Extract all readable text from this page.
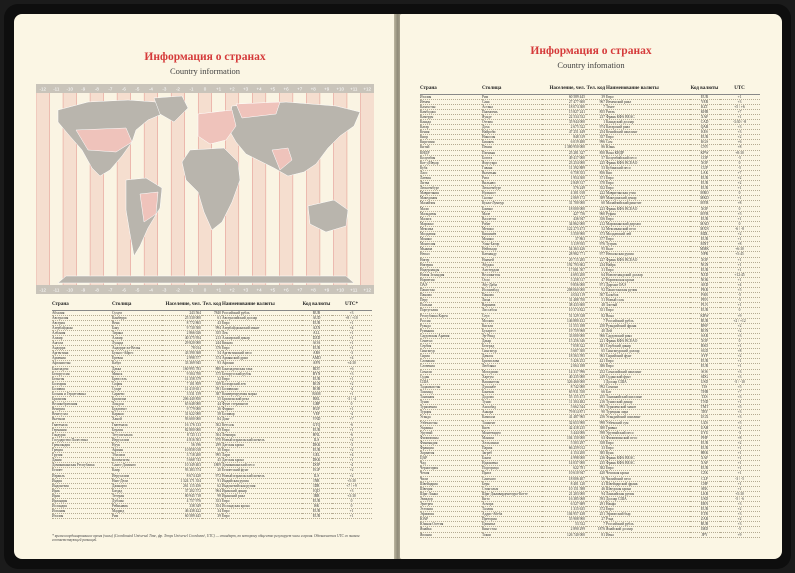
Информация о странах
Country information
-12 -11 -10 -9 -8 -7 -6 -5 -4 -3 -2 -1 0 +1 +2 +3 +4 +5 +6 +7 +8 +9 +10 +11 +12
-12 -11 -10 -9 -8 -7 -6 -5 -4 -3 -2 -1 0 +1 +2 +3 +4 +5 +6 +7 +8 +9 +10 +11 +12
Страна	Столица	Население, чел.	Тел. код	Наименование валюты	Код валюты	UTC*
Абхазия	Сухум	243 564	7840	Российский рубль	RUB	+3
Австралия	Канберра	25 530 000	61	Австралийский доллар	AUD	+8 / +10
Австрия	Вена	8 772 865	43	Евро	EUR	+1
Азербайджан	Баку	9 730 500	994	Азербайджанский манат	AZN	+4
Албания	Тирана	2 866 026	355	Лек	ALL	+1
Алжир	Алжир	40 375 954	213	Алжирский динар	DZD	+1
Ангола	Луанда	29 820 000	244	Кванза	AOA	+1
Андорра	Андорра-ла-Велья	78 014	376	Евро	EUR	+1
Аргентина	Буэнос-Айрес	43 590 368	54	Аргентинский песо	ARS	-3
Армения	Ереван	2 998 577	374	Армянский драм	AMD	+4
Афганистан	Кабул	33 369 945	93	Афгани	AFN	+4:30
Бангладеш	Дакка	160 995 783	880	Бангладешская така	BDT	+6
Белоруссия	Минск	9 504 700	375	Белорусский рубль	BYN	+3
Бельгия	Брюссель	11 358 379	32	Евро	EUR	+1
Болгария	София	7 101 859	359	Болгарский лев	BGN	+2
Боливия	Сукре	11 410 651	591	Боливиано	BOB	-4
Босния и Герцеговина	Сараево	3 531 159	387	Конвертируемая марка	BAM	+1
Бразилия	Бразилиа	206 440 850	55	Бразильский реал	BRL	-3 / -4
Великобритания	Лондон	65 648 000	44	Фунт стерлингов	GBP	0
Венгрия	Будапешт	9 779 000	36	Форинт	HUF	+1
Венесуэла	Каракас	31 622 000	58	Боливар	VEF	-4
Вьетнам	Ханой	93 600 000	84	Донг	VND	+7
Гватемала	Гватемала	16 176 133	502	Кетсаль	GTQ	-6
Германия	Берлин	82 800 000	49	Евро	EUR	+1
Гондурас	Тегусигальпа	8 725 111	504	Лемпира	HNL	-6
Государство Палестина	Иерусалим	4 816 503	970	Новый израильский шекель	ILS	+2
Гренландия	Нуук	56 196	299	Датская крона	DKK	-3
Греция	Афины	10 858 018	30	Евро	EUR	+2
Грузия	Тбилиси	3 718 200	995	Лари	GEL	+4
Дания	Копенгаген	5 668 743	45	Датская крона	DKK	+1
Доминиканская Республика	Санто-Доминго	10 349 403	1809	Доминиканский песо	DOP	-4
Египет	Каир	93 383 574	20	Египетский фунт	EGP	+2
Израиль	Иерусалим	8 674 420	972	Новый израильский шекель	ILS	+2
Индия	Нью-Дели	1 324 171 354	91	Индийская рупия	INR	+5:30
Индонезия	Джакарта	261 115 456	62	Индонезийская рупия	IDR	+7 / +9
Ирак	Багдад	37 202 572	964	Иракский динар	IQD	+3
Иран	Тегеран	80 945 718	98	Иранский риал	IRR	+3:30
Ирландия	Дублин	4 757 976	353	Евро	EUR	0
Исландия	Рейкьявик	338 349	354	Исландская крона	ISK	0
Испания	Мадрид	46 438 422	34	Евро	EUR	+1
Италия	Рим	60 589 445	39	Евро	EUR	+1
* время координированное время (часы) (Coordinated Universal Time, фр. Temps Universel Coordonné, UTC) — стандарт, по которому общество регулирует часы и время. Обозначается UTC со знаком соответствующей разницей.
Информация о странах
Country infomation
Страна	Столица	Население, чел.	Тел. код	Наименование валюты	Код валюты	UTC
Италия	Рим	60 589 445	39	Евро	EUR	+1
Йемен	Сана	27 477 600	967	Йеменский риал	YER	+3
Казахстан	Астана	18 074 300	7	Тенге	KZT	+5 / +6
Камбоджа	Пномпень	15 827 241	855	Риель	KHR	+7
Камерун	Яунде	22 534 532	237	Франк КФА BEAC	XAF	+1
Канада	Оттава	35 944 000	1	Канадский доллар	CAD	-3:30 / -8
Катар	Доха	2 675 522	974	Катарский риал	QAR	+3
Кения	Найроби	47 251 449	254	Кенийский шиллинг	KES	+3
Кипр	Никосия	848 319	357	Евро	EUR	+2
Киргизия	Бишкек	6 019 480	996	Сом	KGS	+6
Китай	Пекин	1 380 950 000	86	Юань	CNY	+8
КНДР	Пхеньян	25 281 327	850	Вона КНДР	KPW	+8:30
Колумбия	Богота	49 417 000	57	Колумбийский песо	COP	-5
Кот-д'Ивуар	Ямусукро	23 254 000	225	Франк КФА BCEAO	XOF	0
Куба	Гавана	11 392 889	53	Кубинский песо	CUP	-5
Лаос	Вьентьян	6 758 353	856	Кип	LAK	+7
Латвия	Рига	1 954 300	371	Евро	EUR	+2
Литва	Вильнюс	2 849 317	370	Евро	EUR	+2
Люксембург	Люксембург	576 249	352	Евро	EUR	+1
Мавритания	Нуакшот	4 301 018	222	Мавританская угия	MRO	0
Македония	Скопье	2 069 172	389	Македонский денар	MKD	+1
Малайзия	Куала-Лумпур	31 700 000	60	Малайзийский ринггит	MYR	+8
Мали	Бамако	18 000 000	223	Франк КФА BCEAO	XOF	0
Мальдивы	Мале	427 756	960	Руфия	MVR	+5
Мальта	Валлетта	436 947	356	Евро	EUR	+1
Марокко	Рабат	34 862 000	212	Марокканский дирхам	MAD	0
Мексика	Мехико	122 273 473	52	Мексиканский песо	MXN	-6 / -8
Молдавия	Кишинёв	3 550 900	373	Молдавский лей	MDL	+2
Монако	Монако	37 863	377	Евро	EUR	+1
Монголия	Улан-Батор	3 119 935	976	Тугрик	MNT	+8
Мьянма	Нейпьидо	54 363 426	95	Кьят	MMK	+6:30
Непал	Катманду	28 982 771	977	Непальская рупия	NPR	+5:45
Нигер	Ниамей	20 715 285	227	Франк КФА BCEAO	XOF	+1
Нигерия	Абуджа	192 793 602	234	Найра	NGN	+1
Нидерланды	Амстердам	17 081 507	31	Евро	EUR	+1
Новая Зеландия	Веллингтон	4 693 200	64	Новозеландский доллар	NZD	+12:45
Норвегия	Осло	5 258 317	47	Норвежская крона	NOK	+1
ОАЭ	Абу-Даби	9 856 000	971	Дирхам ОАЭ	AED	+4
Пакистан	Исламабад	208 060 000	92	Пакистанская рупия	PKR	+5
Панама	Панама	4 034 119	507	Бальбоа	PAB	-5
Перу	Лима	31 488 700	51	Новый соль	PEN	-5
Польша	Варшава	38 433 600	48	Злотый	PLN	+1
Португалия	Лиссабон	10 374 822	351	Евро	EUR	0
Республика Корея	Сеул	51 529 338	82	Вона	KRW	+9
Россия	Москва	146 880 432	7	Российский рубль	RUB	+2 / +12
Руанда	Кигали	11 553 188	250	Руандийский франк	RWF	+2
Румыния	Бухарест	19 759 968	40	Лей	RON	+2
Саудовская Аравия	Эр-Рияд	33 000 000	966	Саудовский риял	SAR	+3
Сенегал	Дакар	15 256 346	221	Франк КФА BCEAO	XOF	0
Сербия	Белград	7 058 322	381	Сербский динар	RSD	+1
Сингапур	Сингапур	5 607 300	65	Сингапурский доллар	SGD	+8
Сирия	Дамаск	18 563 595	963	Сирийский фунт	SYP	+2
Словакия	Братислава	5 426 252	421	Евро	EUR	+1
Словения	Любляна	2 064 188	386	Евро	EUR	+1
Сомали	Могадишо	14 317 996	252	Сомалийский шиллинг	SOS	+3
Судан	Хартум	40 235 000	249	Суданский фунт	SDG	+3
США	Вашингтон	326 460 000	1	Доллар США	USD	-5 / -10
Таджикистан	Душанбе	8 742 000	992	Сомони	TJS	+5
Таиланд	Бангкок	65 931 550	66	Бат	THB	+7
Танзания	Додома	55 155 473	255	Танзанийский шиллинг	TZS	+3
Тунис	Тунис	11 304 482	216	Тунисский динар	TND	+1
Туркмения	Ашхабад	5 662 544	993	Туркменский манат	TMT	+5
Турция	Анкара	79 814 871	90	Турецкая лира	TRY	+3
Уганда	Кампала	41 487 965	256	Угандийский шиллинг	UGX	+3
Узбекистан	Ташкент	32 653 900	998	Узбекский сум	UZS	+5
Украина	Киев	42 418 235	380	Гривна	UAH	+2
Уругвай	Монтевидео	3 444 006	598	Уругвайский песо	UYU	-3
Филиппины	Манила	104 150 000	63	Филиппинский песо	PHP	+8
Финляндия	Хельсинки	5 503 297	358	Евро	EUR	+2
Франция	Париж	66 259 012	33	Евро	EUR	+1
Хорватия	Загреб	4 154 200	385	Куна	HRK	+1
ЦАР	Банги	4 998 000	236	Франк КФА BEAC	XAF	+1
Чад	Нджамена	14 037 000	235	Франк КФА BEAC	XAF	+1
Черногория	Подгорица	622 781	382	Евро	EUR	+1
Чехия	Прага	10 610 947	420	Чешская крона	CZK	+1
Чили	Сантьяго	18 006 407	56	Чилийский песо	CLP	-3 / -5
Швейцария	Берн	8 401 120	41	Швейцарский франк	CHF	+1
Швеция	Стокгольм	10 151 588	46	Шведская крона	SEK	+1
Шри-Ланка	Шри-Джаяварденепура-Котте	21 203 000	94	Ланкийская рупия	LKR	+5:30
Эквадор	Кито	16 385 068	593	Доллар США	USD	-5 / -6
Эритрея	Асмэра	6 527 689	291	Накфа	ERN	+3
Эстония	Таллин	1 315 635	372	Евро	EUR	+2
Эфиопия	Аддис-Абеба	104 957 438	251	Эфиопский быр	ETB	+3
ЮАР	Претория	55 908 900	27	Рэнд	ZAR	+2
Южная Осетия	Цхинвал	53 532	7	Российский рубль	RUB	+3
Ямайка	Кингстон	2 890 299	1876	Ямайский доллар	JMD	-5
Япония	Токио	126 740 000	81	Иена	JPY	+9
